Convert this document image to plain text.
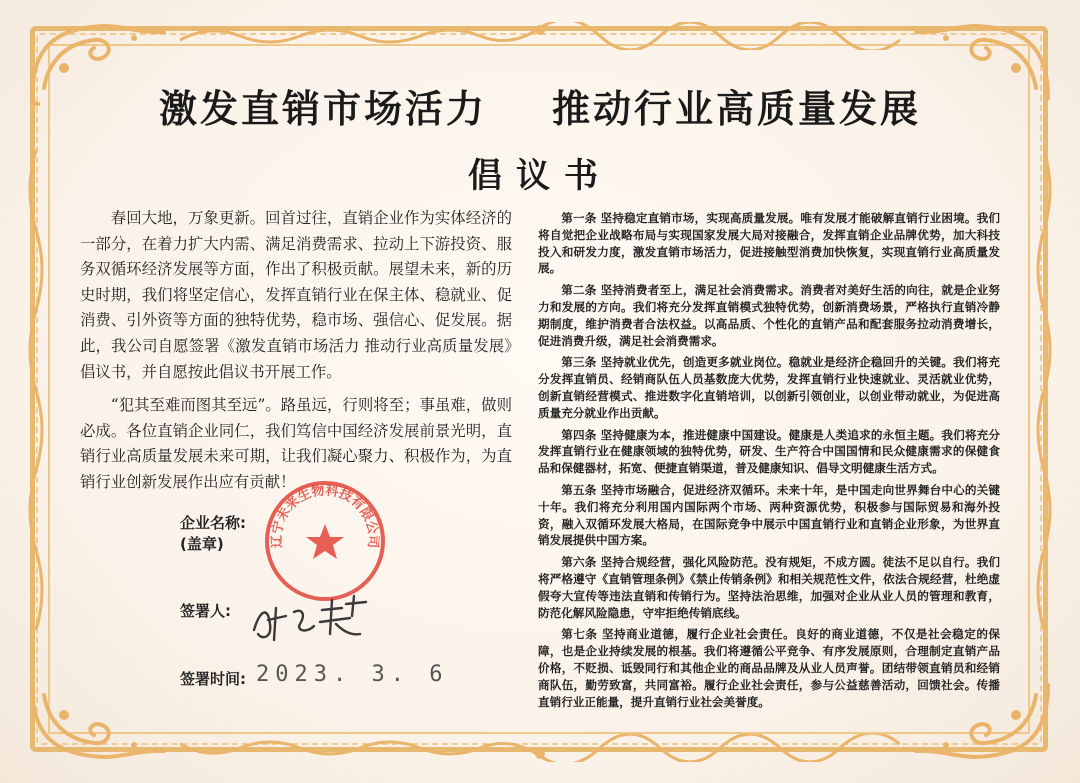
激发直销市场活力    推动行业高质量发展
倡议书

春回大地，万象更新。回首过往，直销企业作为实体经济的一部分，在着力扩大内需、满足消费需求、拉动上下游投资、服务双循环经济发展等方面，作出了积极贡献。展望未来，新的历史时期，我们将坚定信心，发挥直销行业在保主体、稳就业、促消费、引外资等方面的独特优势，稳市场、强信心、促发展。据此，我公司自愿签署《激发直销市场活力 推动行业高质量发展》倡议书，并自愿按此倡议书开展工作。

“犯其至难而图其至远”。路虽远，行则将至；事虽难，做则必成。各位直销企业同仁，我们笃信中国经济发展前景光明，直销行业高质量发展未来可期，让我们凝心聚力、积极作为，为直销行业创新发展作出应有贡献！

第一条 坚持稳定直销市场，实现高质量发展。唯有发展才能破解直销行业困境。我们将自觉把企业战略布局与实现国家发展大局对接融合，发挥直销企业品牌优势，加大科技投入和研发力度，激发直销市场活力，促进接触型消费加快恢复，实现直销行业高质量发展。

第二条 坚持消费者至上，满足社会消费需求。消费者对美好生活的向往，就是企业努力和发展的方向。我们将充分发挥直销模式独特优势，创新消费场景，严格执行直销冷静期制度，维护消费者合法权益。以高品质、个性化的直销产品和配套服务拉动消费增长，促进消费升级，满足社会消费需求。

第三条 坚持就业优先，创造更多就业岗位。稳就业是经济企稳回升的关键。我们将充分发挥直销员、经销商队伍人员基数庞大优势，发挥直销行业快速就业、灵活就业优势，创新直销经营模式、推进数字化直销培训，以创新引领创业，以创业带动就业，为促进高质量充分就业作出贡献。

第四条 坚持健康为本，推进健康中国建设。健康是人类追求的永恒主题。我们将充分发挥直销行业在健康领域的独特优势，研发、生产符合中国国情和民众健康需求的保健食品和保健器材，拓宽、便捷直销渠道，普及健康知识、倡导文明健康生活方式。

第五条 坚持市场融合，促进经济双循环。未来十年，是中国走向世界舞台中心的关键十年。我们将充分利用国内国际两个市场、两种资源优势，积极参与国际贸易和海外投资，融入双循环发展大格局，在国际竞争中展示中国直销行业和直销企业形象，为世界直销发展提供中国方案。

第六条 坚持合规经营，强化风险防范。没有规矩，不成方圆。徒法不足以自行。我们将严格遵守《直销管理条例》《禁止传销条例》和相关规范性文件，依法合规经营，杜绝虚假夸大宣传等违法直销和传销行为。坚持法治思维，加强对企业从业人员的管理和教育，防范化解风险隐患，守牢拒绝传销底线。

第七条 坚持商业道德，履行企业社会责任。良好的商业道德，不仅是社会稳定的保障，也是企业持续发展的根基。我们将遵循公平竞争、有序发展原则，合理制定直销产品价格，不贬损、诋毁同行和其他企业的商品品牌及从业人员声誉。团结带领直销员和经销商队伍，勤劳致富，共同富裕。履行企业社会责任，参与公益慈善活动，回馈社会。传播直销行业正能量，提升直销行业社会美誉度。

企业名称:
(盖章)	辽宁未来生物科技有限公司
签署人:
签署时间: 2023. 3. 6
